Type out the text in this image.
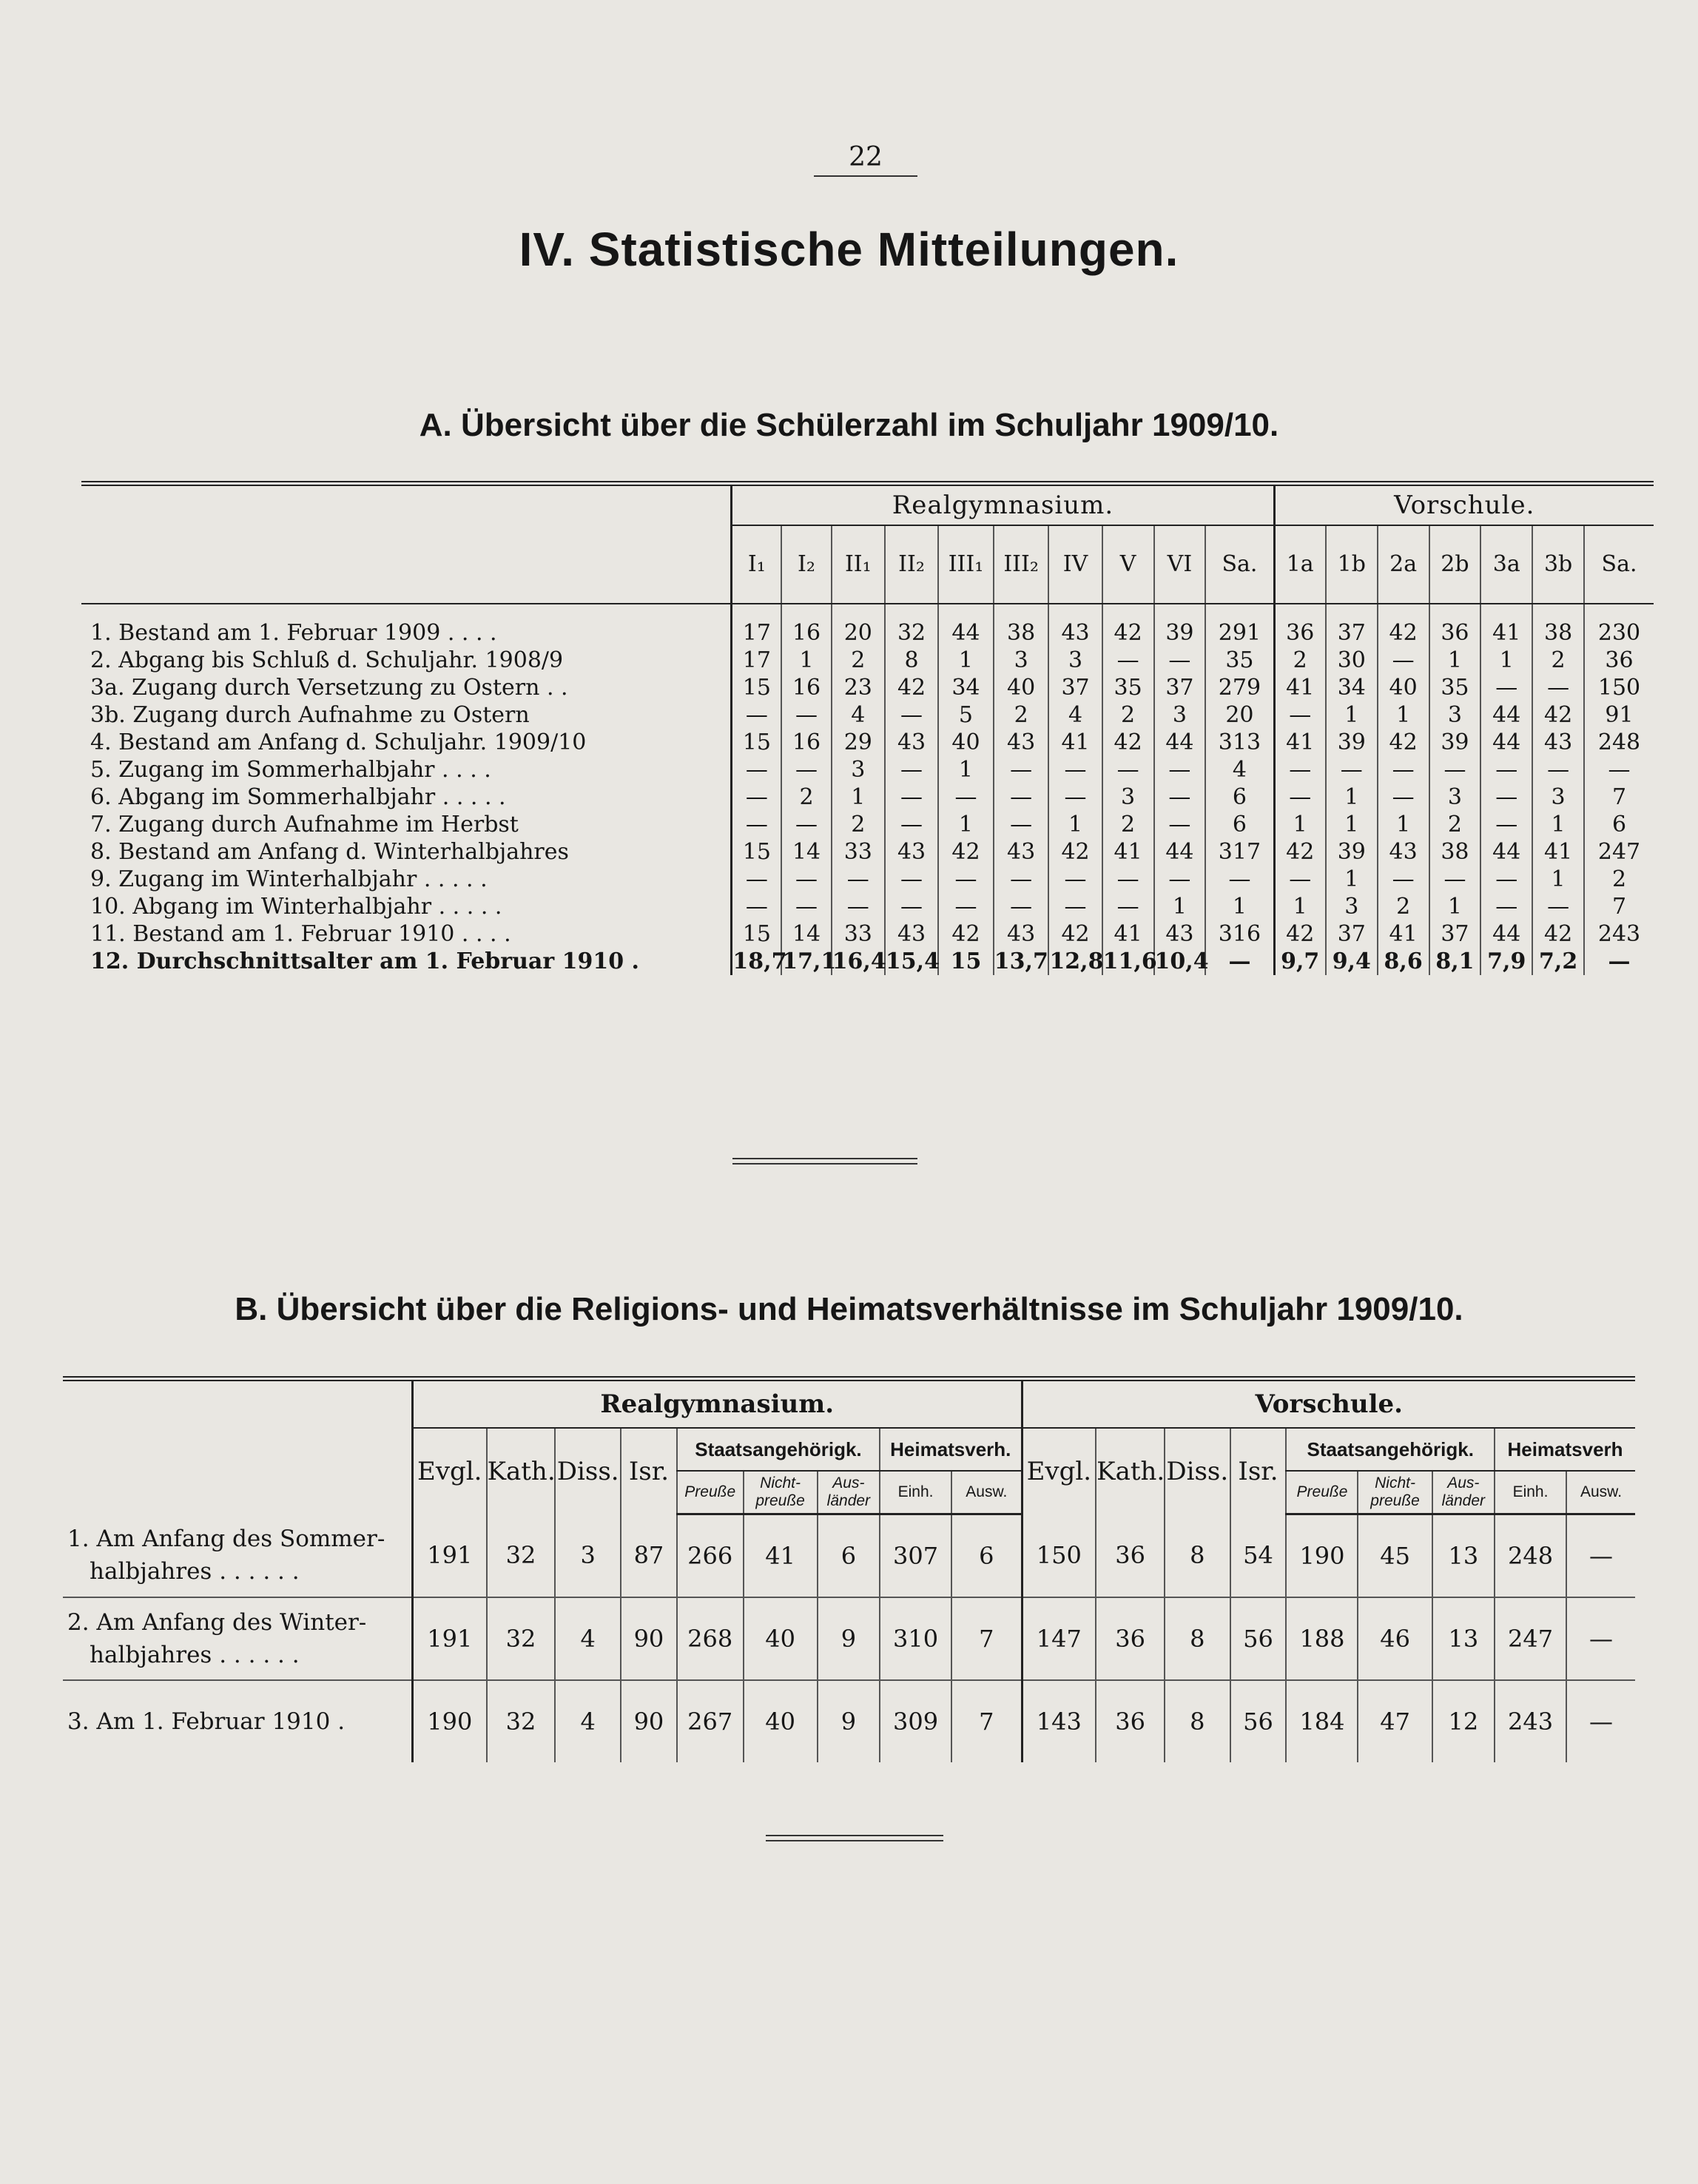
22
IV. Statistische Mitteilungen.
A. Übersicht über die Schülerzahl im Schuljahr 1909/10.
	Realgymnasium.										Vorschule.						
	I₁	I₂	II₁	II₂	III₁	III₂	IV	V	VI	Sa.	1a	1b	2a	2b	3a	3b	Sa.
1. Bestand am 1. Februar 1909 . . . .	17	16	20	32	44	38	43	42	39	291	36	37	42	36	41	38	230
2. Abgang bis Schluß d. Schuljahr. 1908/9	17	1	2	8	1	3	3	—	—	35	2	30	—	1	1	2	36
3a. Zugang durch Versetzung zu Ostern . .	15	16	23	42	34	40	37	35	37	279	41	34	40	35	—	—	150
3b. Zugang durch Aufnahme zu Ostern	—	—	4	—	5	2	4	2	3	20	—	1	1	3	44	42	91
4. Bestand am Anfang d. Schuljahr. 1909/10	15	16	29	43	40	43	41	42	44	313	41	39	42	39	44	43	248
5. Zugang im Sommerhalbjahr . . . .	—	—	3	—	1	—	—	—	—	4	—	—	—	—	—	—	—
6. Abgang im Sommerhalbjahr . . . . .	—	2	1	—	—	—	—	3	—	6	—	1	—	3	—	3	7
7. Zugang durch Aufnahme im Herbst	—	—	2	—	1	—	1	2	—	6	1	1	1	2	—	1	6
8. Bestand am Anfang d. Winterhalbjahres	15	14	33	43	42	43	42	41	44	317	42	39	43	38	44	41	247
9. Zugang im Winterhalbjahr . . . . .	—	—	—	—	—	—	—	—	—	—	—	1	—	—	—	1	2
10. Abgang im Winterhalbjahr . . . . .	—	—	—	—	—	—	—	—	1	1	1	3	2	1	—	—	7
11. Bestand am 1. Februar 1910 . . . .	15	14	33	43	42	43	42	41	43	316	42	37	41	37	44	42	243
12. Durchschnittsalter am 1. Februar 1910 .	18,7	17,1	16,4	15,4	15	13,7	12,8	11,6	10,4	—	9,7	9,4	8,6	8,1	7,9	7,2	—
B. Übersicht über die Religions- und Heimatsverhältnisse im Schuljahr 1909/10.
	Realgymnasium.									Vorschule.								
	Evgl.	Kath.	Diss.	Isr.	Staatsangehörigk.			Heimatsverh.		Evgl.	Kath.	Diss.	Isr.	Staatsangehörigk.			Heimatsverh	
					Preuße	Nicht-preuße	Aus-länder	Einh.	Ausw.					Preuße	Nicht-preuße	Aus-länder	Einh.	Ausw.

1. Am Anfang des Sommer-
halbjahres . . . . . .	191	32	3	87	266	41	6	307	6	150	36	8	54	190	45	13	248	—

2. Am Anfang des Winter-
halbjahres . . . . . .	191	32	4	90	268	40	9	310	7	147	36	8	56	188	46	13	247	—

3. Am 1. Februar 1910 .	190	32	4	90	267	40	9	309	7	143	36	8	56	184	47	12	243	—
